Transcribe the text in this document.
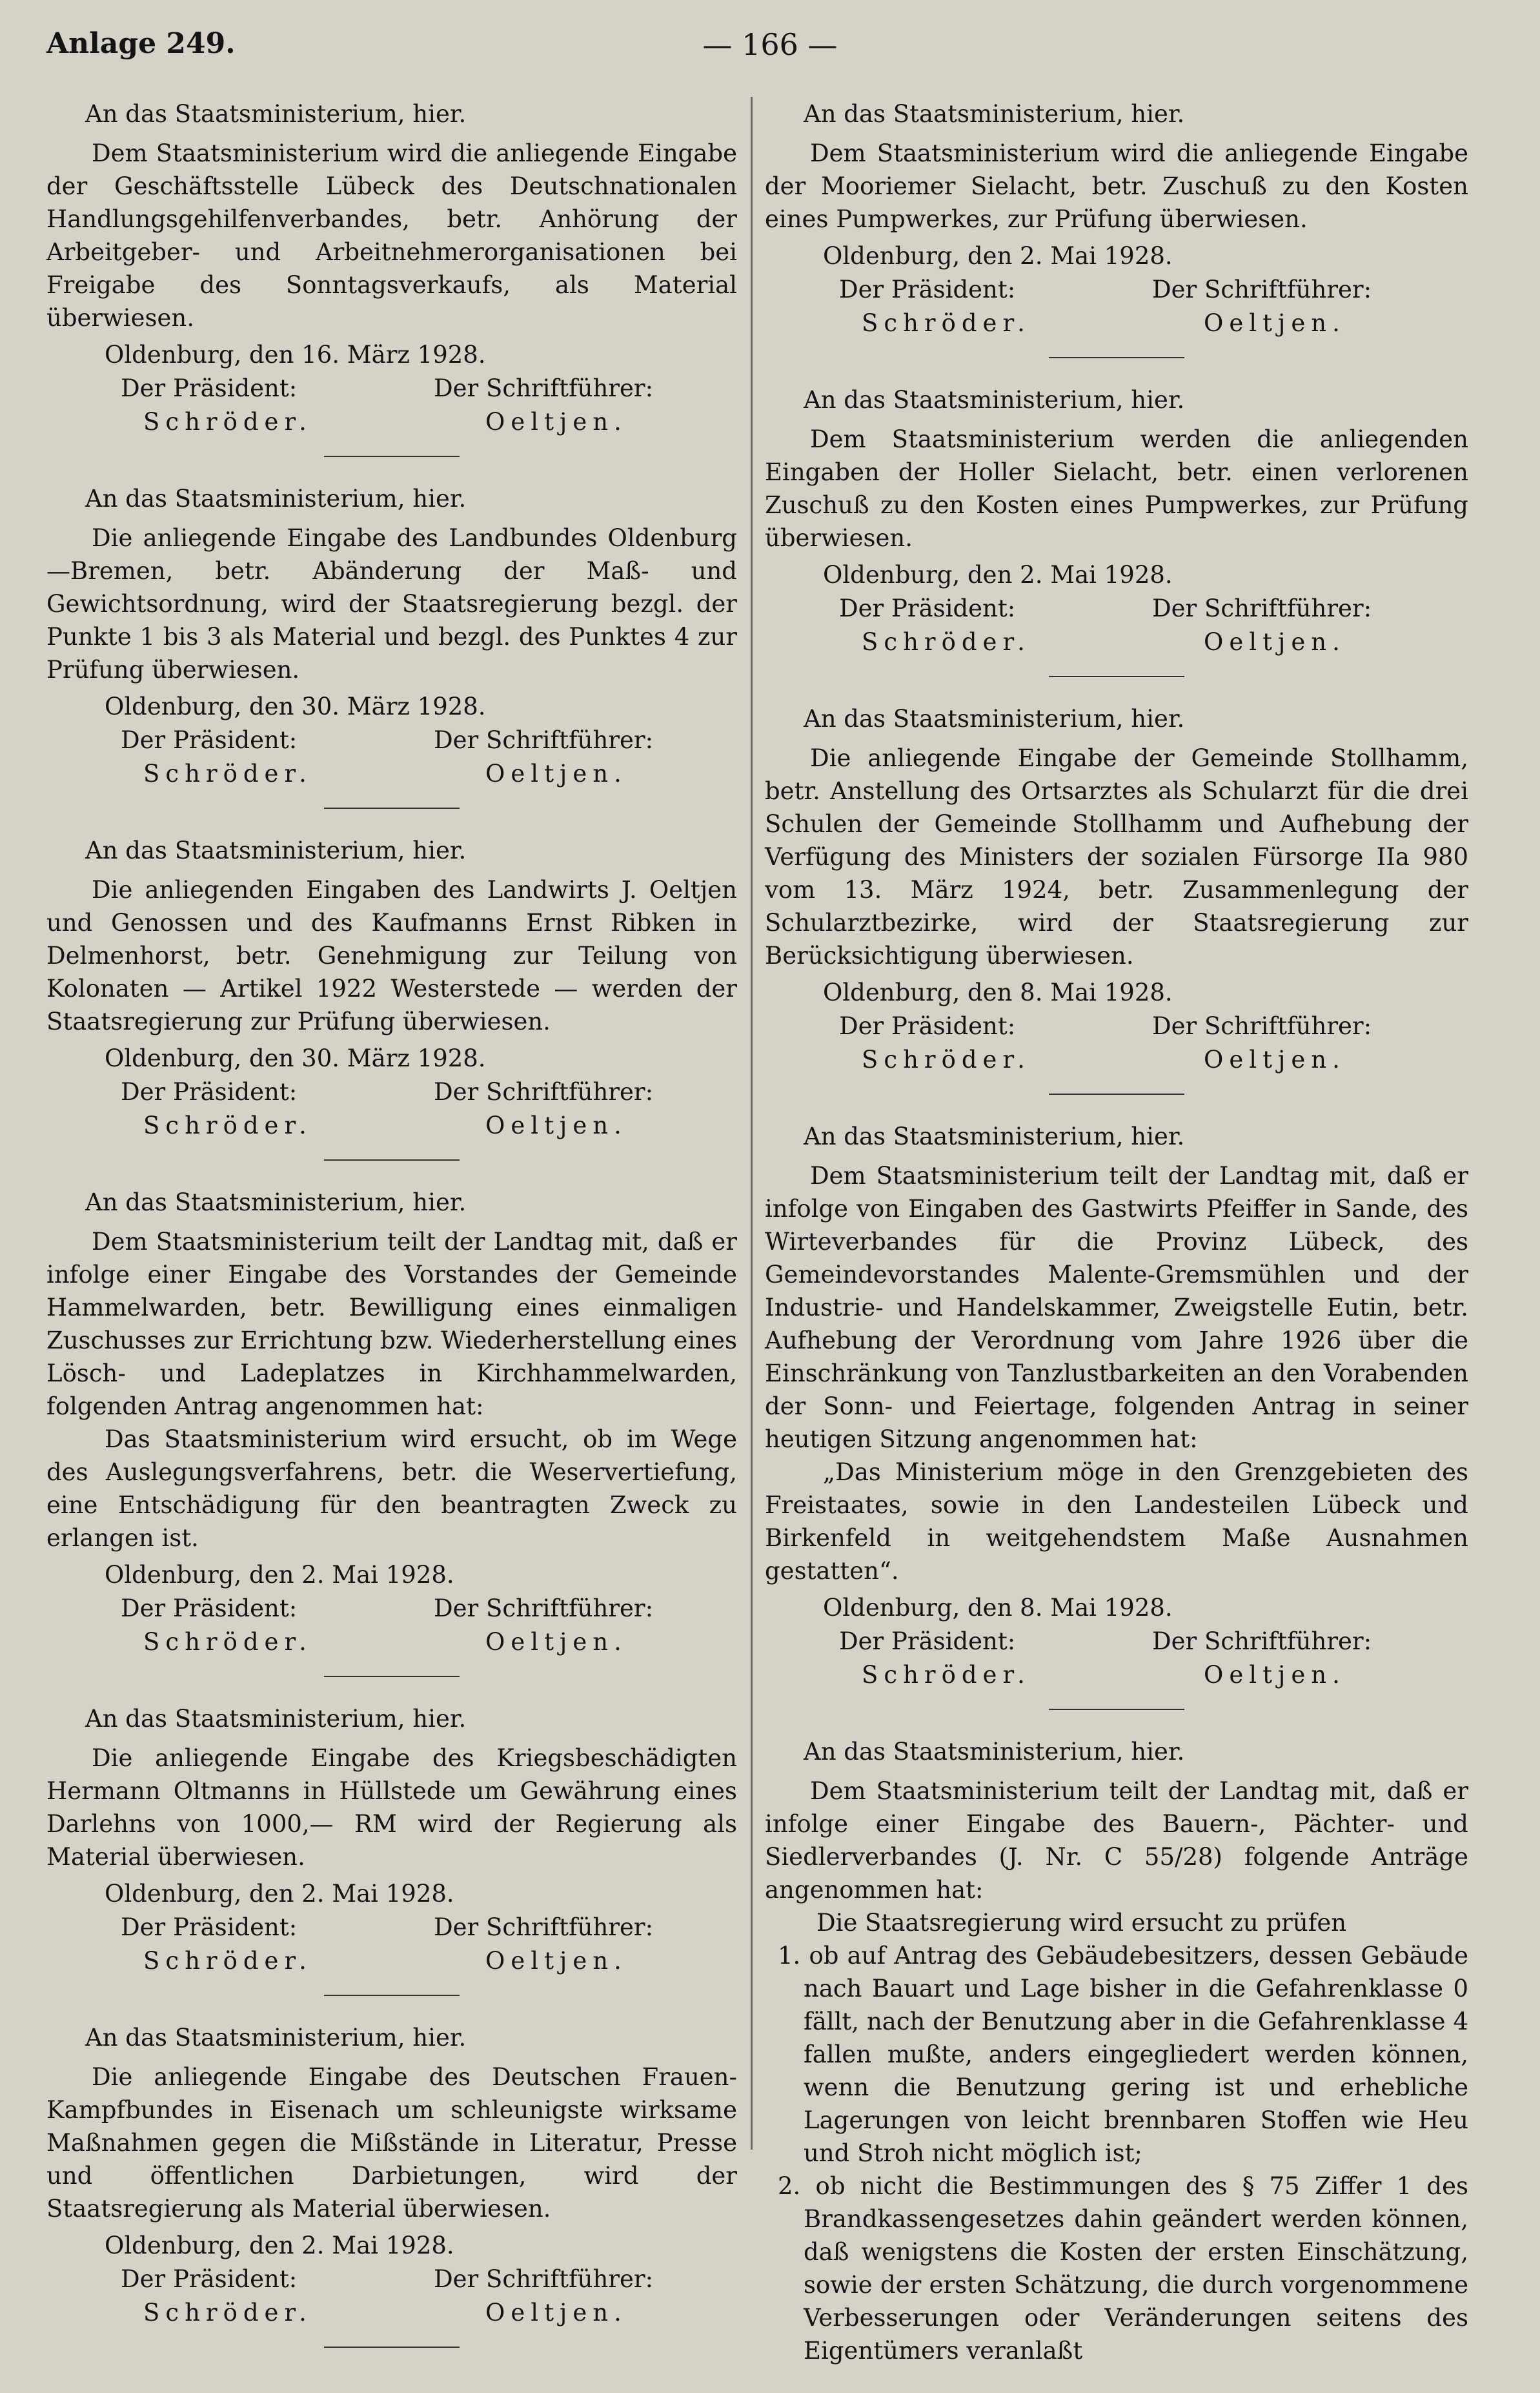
Anlage 249.	— 166 —
An das Staatsministerium, hier.

Dem Staatsministerium wird die anliegende Eingabe der Geschäftsstelle Lübeck des Deutschnationalen Handlungsgehilfenverbandes, betr. Anhörung der Arbeitgeber- und Arbeitnehmerorganisationen bei Freigabe des Sonntagsverkaufs, als Material überwiesen.

Oldenburg, den 16. März 1928.
Der Präsident:	Der Schriftführer:
Schröder.	Oeltjen.
An das Staatsministerium, hier.

Die anliegende Eingabe des Landbundes Oldenburg—Bremen, betr. Abänderung der Maß- und Gewichtsordnung, wird der Staatsregierung bezgl. der Punkte 1 bis 3 als Material und bezgl. des Punktes 4 zur Prüfung überwiesen.

Oldenburg, den 30. März 1928.
Der Präsident:	Der Schriftführer:
Schröder.	Oeltjen.
An das Staatsministerium, hier.

Die anliegenden Eingaben des Landwirts J. Oeltjen und Genossen und des Kaufmanns Ernst Ribken in Delmenhorst, betr. Genehmigung zur Teilung von Kolonaten — Artikel 1922 Westerstede — werden der Staatsregierung zur Prüfung überwiesen.

Oldenburg, den 30. März 1928.
Der Präsident:	Der Schriftführer:
Schröder.	Oeltjen.
An das Staatsministerium, hier.

Dem Staatsministerium teilt der Landtag mit, daß er infolge einer Eingabe des Vorstandes der Gemeinde Hammelwarden, betr. Bewilligung eines einmaligen Zuschusses zur Errichtung bzw. Wiederherstellung eines Lösch- und Ladeplatzes in Kirchhammelwarden, folgenden Antrag angenommen hat:

Das Staatsministerium wird ersucht, ob im Wege des Auslegungsverfahrens, betr. die Weservertiefung, eine Entschädigung für den beantragten Zweck zu erlangen ist.

Oldenburg, den 2. Mai 1928.
Der Präsident:	Der Schriftführer:
Schröder.	Oeltjen.
An das Staatsministerium, hier.

Die anliegende Eingabe des Kriegsbeschädigten Hermann Oltmanns in Hüllstede um Gewährung eines Darlehns von 1000,— RM wird der Regierung als Material überwiesen.

Oldenburg, den 2. Mai 1928.
Der Präsident:	Der Schriftführer:
Schröder.	Oeltjen.
An das Staatsministerium, hier.

Die anliegende Eingabe des Deutschen Frauen-Kampfbundes in Eisenach um schleunigste wirksame Maßnahmen gegen die Mißstände in Literatur, Presse und öffentlichen Darbietungen, wird der Staatsregierung als Material überwiesen.

Oldenburg, den 2. Mai 1928.
Der Präsident:	Der Schriftführer:
Schröder.	Oeltjen.
An das Staatsministerium, hier.

Dem Staatsministerium wird die anliegende Eingabe der Mooriemer Sielacht, betr. Zuschuß zu den Kosten eines Pumpwerkes, zur Prüfung überwiesen.

Oldenburg, den 2. Mai 1928.
Der Präsident:	Der Schriftführer:
Schröder.	Oeltjen.
An das Staatsministerium, hier.

Dem Staatsministerium werden die anliegenden Eingaben der Holler Sielacht, betr. einen verlorenen Zuschuß zu den Kosten eines Pumpwerkes, zur Prüfung überwiesen.

Oldenburg, den 2. Mai 1928.
Der Präsident:	Der Schriftführer:
Schröder.	Oeltjen.
An das Staatsministerium, hier.

Die anliegende Eingabe der Gemeinde Stollhamm, betr. Anstellung des Ortsarztes als Schularzt für die drei Schulen der Gemeinde Stollhamm und Aufhebung der Verfügung des Ministers der sozialen Fürsorge IIa 980 vom 13. März 1924, betr. Zusammenlegung der Schularztbezirke, wird der Staatsregierung zur Berücksichtigung überwiesen.

Oldenburg, den 8. Mai 1928.
Der Präsident:	Der Schriftführer:
Schröder.	Oeltjen.
An das Staatsministerium, hier.

Dem Staatsministerium teilt der Landtag mit, daß er infolge von Eingaben des Gastwirts Pfeiffer in Sande, des Wirteverbandes für die Provinz Lübeck, des Gemeindevorstandes Malente-Gremsmühlen und der Industrie- und Handelskammer, Zweigstelle Eutin, betr. Aufhebung der Verordnung vom Jahre 1926 über die Einschränkung von Tanzlustbarkeiten an den Vorabenden der Sonn- und Feiertage, folgenden Antrag in seiner heutigen Sitzung angenommen hat:

„Das Ministerium möge in den Grenzgebieten des Freistaates, sowie in den Landesteilen Lübeck und Birkenfeld in weitgehendstem Maße Ausnahmen gestatten“.

Oldenburg, den 8. Mai 1928.
Der Präsident:	Der Schriftführer:
Schröder.	Oeltjen.
An das Staatsministerium, hier.

Dem Staatsministerium teilt der Landtag mit, daß er infolge einer Eingabe des Bauern-, Pächter- und Siedlerverbandes (J. Nr. C 55/28) folgende Anträge angenommen hat:

Die Staatsregierung wird ersucht zu prüfen

1. ob auf Antrag des Gebäudebesitzers, dessen Gebäude nach Bauart und Lage bisher in die Gefahrenklasse 0 fällt, nach der Benutzung aber in die Gefahrenklasse 4 fallen mußte, anders eingegliedert werden können, wenn die Benutzung gering ist und erhebliche Lagerungen von leicht brennbaren Stoffen wie Heu und Stroh nicht möglich ist;
2. ob nicht die Bestimmungen des § 75 Ziffer 1 des Brandkassengesetzes dahin geändert werden können, daß wenigstens die Kosten der ersten Einschätzung, sowie der ersten Schätzung, die durch vorgenommene Verbesserungen oder Veränderungen seitens des Eigentümers veranlaßt
